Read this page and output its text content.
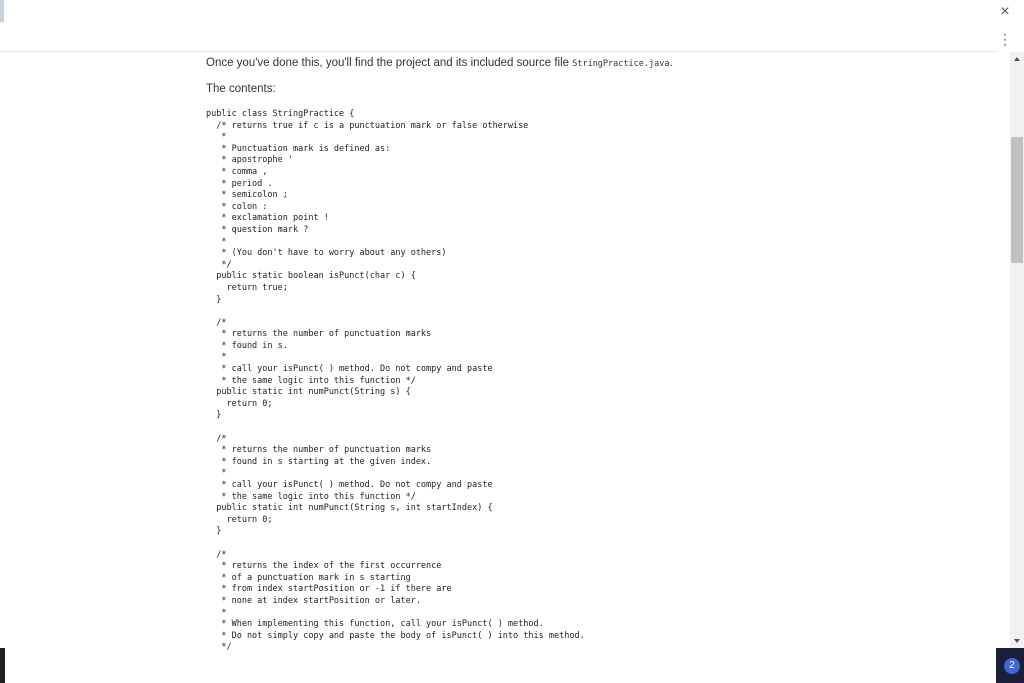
×
⋮

Once you've done this, you'll find the project and its included source file StringPractice.java.

The contents:

public class StringPractice {
/* returns true if c is a punctuation mark or false otherwise
*
* Punctuation mark is defined as:
* apostrophe '
* comma ,
* period .
* semicolon ;
* colon :
* exclamation point !
* question mark ?
*
* (You don't have to worry about any others)
*/
public static boolean isPunct(char c) {
return true;
}
/*
* returns the number of punctuation marks
* found in s.
*
* call your isPunct( ) method. Do not compy and paste
* the same logic into this function */
public static int numPunct(String s) {
return 0;
}
/*
* returns the number of punctuation marks
* found in s starting at the given index.
*
* call your isPunct( ) method. Do not compy and paste
* the same logic into this function */
public static int numPunct(String s, int startIndex) {
return 0;
}
/*
* returns the index of the first occurrence
* of a punctuation mark in s starting
* from index startPosition or -1 if there are
* none at index startPosition or later.
*
* When implementing this function, call your isPunct( ) method.
* Do not simply copy and paste the body of isPunct( ) into this method.
*/
2
